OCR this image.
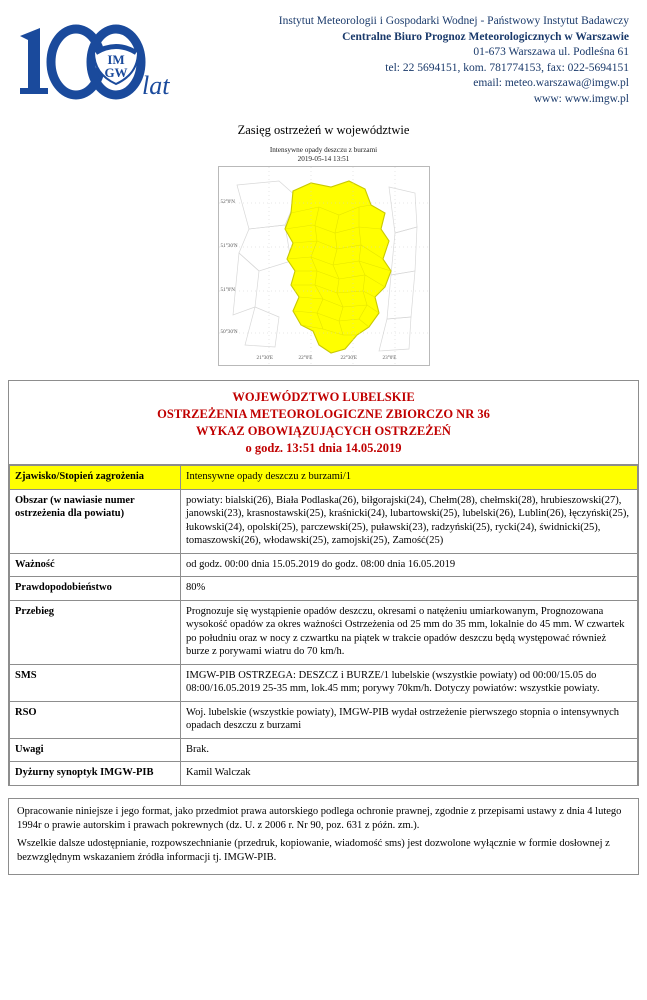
IM
GW lat
Instytut Meteorologii i Gospodarki Wodnej - Państwowy Instytut Badawczy
Centralne Biuro Prognoz Meteorologicznych w Warszawie
01-673 Warszawa ul. Podleśna 61
tel: 22 5694151, kom. 781774153, fax: 022-5694151
email: meteo.warszawa@imgw.pl
www: www.imgw.pl
Zasięg ostrzeżeń w województwie
Intensywne opady deszczu z burzami
2019-05-14 13:51
52°0'N
51°30'N
51°0'N
50°30'N
21°30'E	22°0'E	22°30'E	23°0'E
WOJEWÓDZTWO LUBELSKIE
OSTRZEŻENIA METEOROLOGICZNE ZBIORCZO NR 36
WYKAZ OBOWIĄZUJĄCYCH OSTRZEŻEŃ
o godz. 13:51 dnia 14.05.2019
Zjawisko/Stopień zagrożenia	Intensywne opady deszczu z burzami/1
Obszar (w nawiasie numer ostrzeżenia dla powiatu)	powiaty: bialski(26), Biała Podlaska(26), biłgorajski(24), Chełm(28), chełmski(28), hrubieszowski(27), janowski(23), krasnostawski(25), kraśnicki(24), lubartowski(25), lubelski(26), Lublin(26), łęczyński(25), łukowski(24), opolski(25), parczewski(25), puławski(23), radzyński(25), rycki(24), świdnicki(25), tomaszowski(26), włodawski(25), zamojski(25), Zamość(25)
Ważność	od godz. 00:00 dnia 15.05.2019 do godz. 08:00 dnia 16.05.2019
Prawdopodobieństwo	80%
Przebieg	Prognozuje się wystąpienie opadów deszczu, okresami o natężeniu umiarkowanym, Prognozowana wysokość opadów za okres ważności Ostrzeżenia od 25 mm do 35 mm, lokalnie do 45 mm. W czwartek po południu oraz w nocy z czwartku na piątek w trakcie opadów deszczu będą występować również burze z porywami wiatru do 70 km/h.
SMS	IMGW-PIB OSTRZEGA: DESZCZ i BURZE/1 lubelskie (wszystkie powiaty) od 00:00/15.05 do 08:00/16.05.2019 25-35 mm, lok.45 mm; porywy 70km/h. Dotyczy powiatów: wszystkie powiaty.
RSO	Woj. lubelskie (wszystkie powiaty), IMGW-PIB wydał ostrzeżenie pierwszego stopnia o intensywnych opadach deszczu z burzami
Uwagi	Brak.
Dyżurny synoptyk IMGW-PIB	Kamil Walczak

Opracowanie niniejsze i jego format, jako przedmiot prawa autorskiego podlega ochronie prawnej, zgodnie z przepisami ustawy z dnia 4 lutego 1994r o prawie autorskim i prawach pokrewnych (dz. U. z 2006 r. Nr 90, poz. 631 z późn. zm.).

Wszelkie dalsze udostępnianie, rozpowszechnianie (przedruk, kopiowanie, wiadomość sms) jest dozwolone wyłącznie w formie dosłownej z bezwzględnym wskazaniem źródła informacji tj. IMGW-PIB.
